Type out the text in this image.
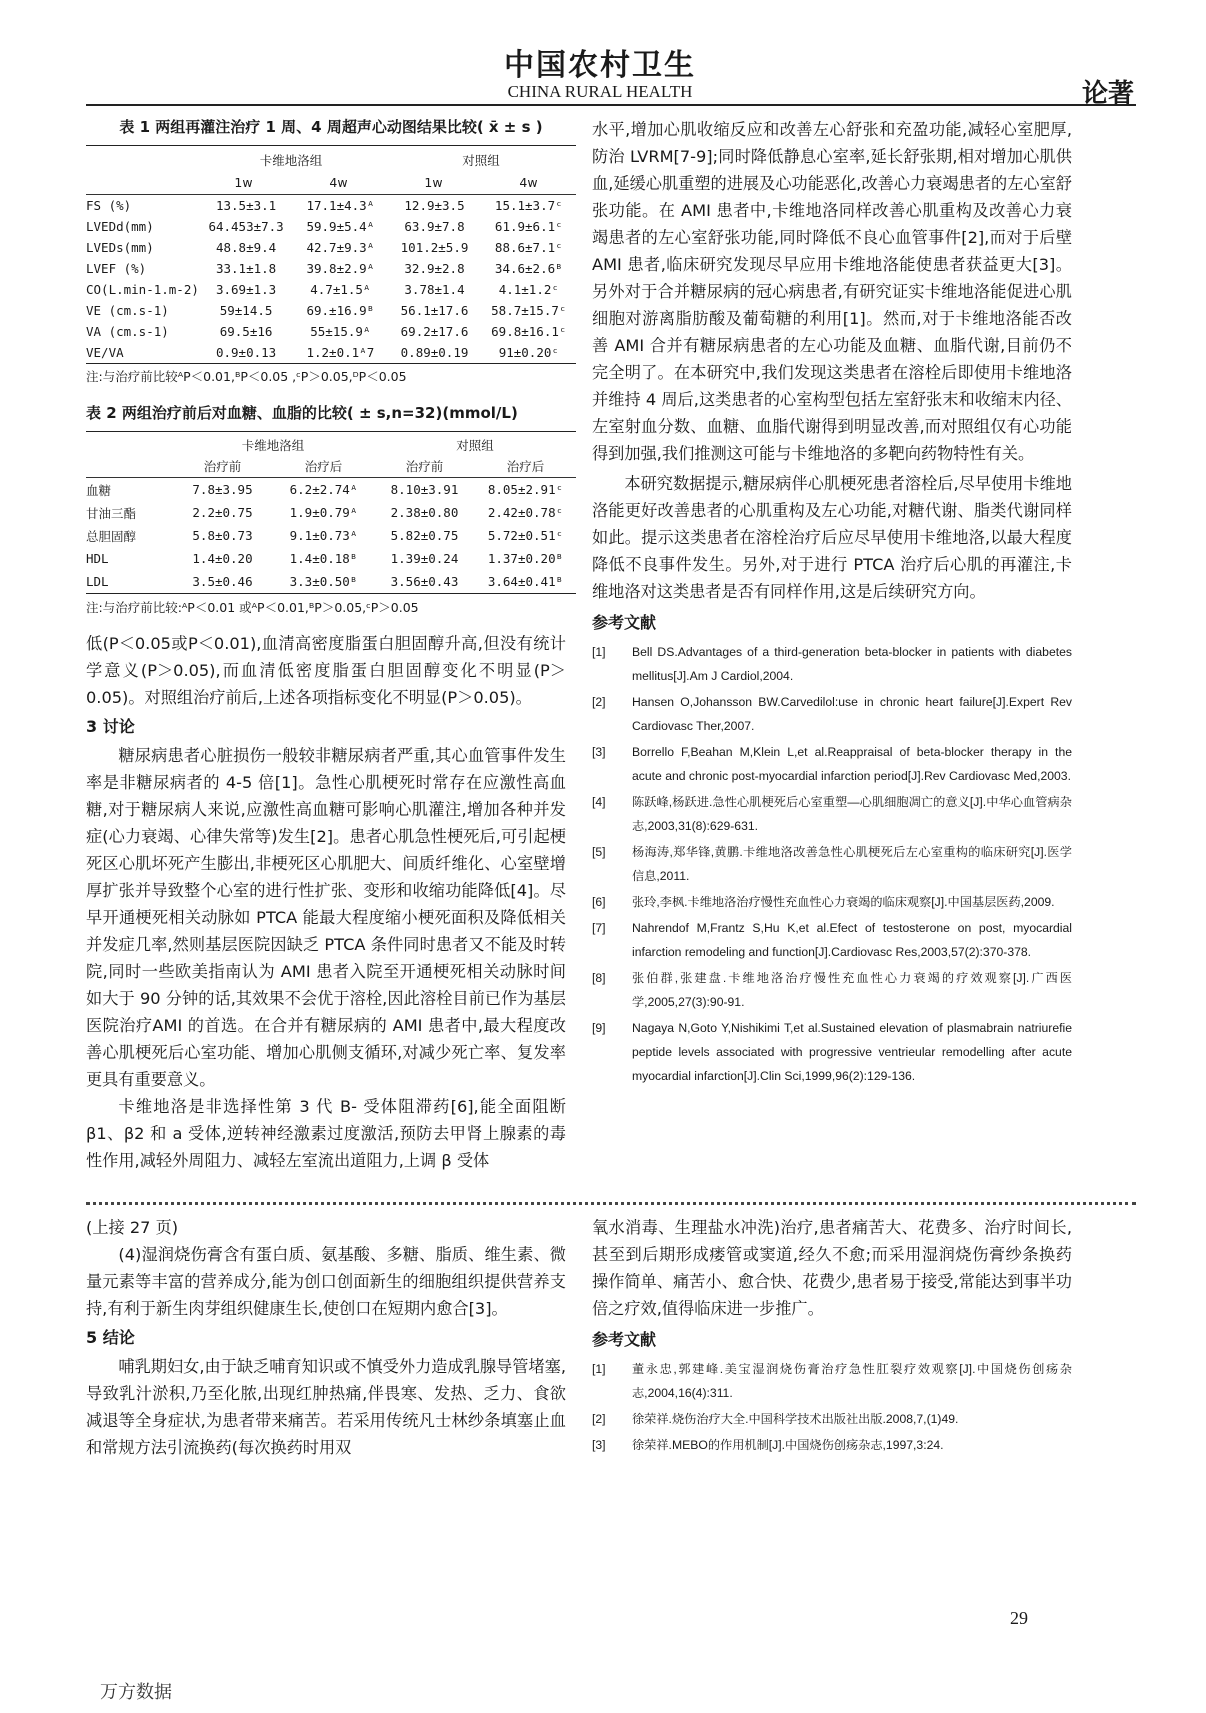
中国农村卫生
CHINA RURAL HEALTH	论著
表 1 两组再灌注治疗 1 周、4 周超声心动图结果比较( x̄ ± s )
	卡维地洛组		对照组	
	1w	4w	1w	4w
FS (%)	13.5±3.1	17.1±4.3ᴬ	12.9±3.5	15.1±3.7ᶜ
LVEDd(mm)	64.453±7.3	59.9±5.4ᴬ	63.9±7.8	61.9±6.1ᶜ
LVEDs(mm)	48.8±9.4	42.7±9.3ᴬ	101.2±5.9	88.6±7.1ᶜ
LVEF (%)	33.1±1.8	39.8±2.9ᴬ	32.9±2.8	34.6±2.6ᴮ
CO(L.min-1.m-2)	3.69±1.3	4.7±1.5ᴬ	3.78±1.4	4.1±1.2ᶜ
VE (cm.s-1)	59±14.5	69.±16.9ᴮ	56.1±17.6	58.7±15.7ᶜ
VA (cm.s-1)	69.5±16	55±15.9ᴬ	69.2±17.6	69.8±16.1ᶜ
VE/VA	0.9±0.13	1.2±0.1ᴬ7	0.89±0.19	91±0.20ᶜ
注:与治疗前比较ᴬP＜0.01,ᴮP＜0.05 ,ᶜP＞0.05,ᴰP＜0.05
表 2 两组治疗前后对血糖、血脂的比较( ± s,n=32)(mmol/L)
	卡维地洛组		对照组	
	治疗前	治疗后	治疗前	治疗后
血糖	7.8±3.95	6.2±2.74ᴬ	8.10±3.91	8.05±2.91ᶜ
甘油三酯	2.2±0.75	1.9±0.79ᴬ	2.38±0.80	2.42±0.78ᶜ
总胆固醇	5.8±0.73	9.1±0.73ᴬ	5.82±0.75	5.72±0.51ᶜ
HDL	1.4±0.20	1.4±0.18ᴮ	1.39±0.24	1.37±0.20ᴮ
LDL	3.5±0.46	3.3±0.50ᴮ	3.56±0.43	3.64±0.41ᴮ
注:与治疗前比较:ᴬP＜0.01 或ᴬP＜0.01,ᴮP＞0.05,ᶜP＞0.05

低(P＜0.05或P＜0.01),血清高密度脂蛋白胆固醇升高,但没有统计学意义(P＞0.05),而血清低密度脂蛋白胆固醇变化不明显(P＞0.05)。对照组治疗前后,上述各项指标变化不明显(P＞0.05)。

3 讨论

糖尿病患者心脏损伤一般较非糖尿病者严重,其心血管事件发生率是非糖尿病者的 4-5 倍[1]。急性心肌梗死时常存在应激性高血糖,对于糖尿病人来说,应激性高血糖可影响心肌灌注,增加各种并发症(心力衰竭、心律失常等)发生[2]。患者心肌急性梗死后,可引起梗死区心肌坏死产生膨出,非梗死区心肌肥大、间质纤维化、心室壁增厚扩张并导致整个心室的进行性扩张、变形和收缩功能降低[4]。尽早开通梗死相关动脉如 PTCA 能最大程度缩小梗死面积及降低相关并发症几率,然则基层医院因缺乏 PTCA 条件同时患者又不能及时转院,同时一些欧美指南认为 AMI 患者入院至开通梗死相关动脉时间如大于 90 分钟的话,其效果不会优于溶栓,因此溶栓目前已作为基层医院治疗AMI 的首选。在合并有糖尿病的 AMI 患者中,最大程度改善心肌梗死后心室功能、增加心肌侧支循环,对减少死亡率、复发率更具有重要意义。

卡维地洛是非选择性第 3 代 B- 受体阻滞药[6],能全面阻断 β1、β2 和 a 受体,逆转神经激素过度激活,预防去甲肾上腺素的毒性作用,减轻外周阻力、减轻左室流出道阻力,上调 β 受体

水平,增加心肌收缩反应和改善左心舒张和充盈功能,减轻心室肥厚,防治 LVRM[7-9];同时降低静息心室率,延长舒张期,相对增加心肌供血,延缓心肌重塑的进展及心功能恶化,改善心力衰竭患者的左心室舒张功能。在 AMI 患者中,卡维地洛同样改善心肌重构及改善心力衰竭患者的左心室舒张功能,同时降低不良心血管事件[2],而对于后壁 AMI 患者,临床研究发现尽早应用卡维地洛能使患者获益更大[3]。另外对于合并糖尿病的冠心病患者,有研究证实卡维地洛能促进心肌细胞对游离脂肪酸及葡萄糖的利用[1]。然而,对于卡维地洛能否改善 AMI 合并有糖尿病患者的左心功能及血糖、血脂代谢,目前仍不完全明了。在本研究中,我们发现这类患者在溶栓后即使用卡维地洛并维持 4 周后,这类患者的心室构型包括左室舒张末和收缩末内径、左室射血分数、血糖、血脂代谢得到明显改善,而对照组仅有心功能得到加强,我们推测这可能与卡维地洛的多靶向药物特性有关。

本研究数据提示,糖尿病伴心肌梗死患者溶栓后,尽早使用卡维地洛能更好改善患者的心肌重构及左心功能,对糖代谢、脂类代谢同样如此。提示这类患者在溶栓治疗后应尽早使用卡维地洛,以最大程度降低不良事件发生。另外,对于进行 PTCA 治疗后心肌的再灌注,卡维地洛对这类患者是否有同样作用,这是后续研究方向。

参考文献
[1] Bell DS.Advantages of a third-generation beta-blocker in patients with diabetes mellitus[J].Am J Cardiol,2004.
[2] Hansen O,Johansson BW.Carvedilol:use in chronic heart failure[J].Expert Rev Cardiovasc Ther,2007.
[3] Borrello F,Beahan M,Klein L,et al.Reappraisal of beta-blocker therapy in the acute and chronic post-myocardial infarction period[J].Rev Cardiovasc Med,2003.
[4] 陈跃峰,杨跃进.急性心肌梗死后心室重塑—心肌细胞凋亡的意义[J].中华心血管病杂志,2003,31(8):629-631.
[5] 杨海涛,郑华锋,黄鹏.卡维地洛改善急性心肌梗死后左心室重构的临床研究[J].医学信息,2011.
[6] 张玲,李枫.卡维地洛治疗慢性充血性心力衰竭的临床观察[J].中国基层医药,2009.
[7] Nahrendof M,Frantz S,Hu K,et al.Efect of testosterone on post, myocardial infarction remodeling and function[J].Cardiovasc Res,2003,57(2):370-378.
[8] 张伯群,张建盘.卡维地洛治疗慢性充血性心力衰竭的疗效观察[J].广西医学,2005,27(3):90-91.
[9] Nagaya N,Goto Y,Nishikimi T,et al.Sustained elevation of plasmabrain natriurefie peptide levels associated with progressive ventrieular remodelling after acute myocardial infarction[J].Clin Sci,1999,96(2):129-136.

(上接 27 页)

(4)湿润烧伤膏含有蛋白质、氨基酸、多糖、脂质、维生素、微量元素等丰富的营养成分,能为创口创面新生的细胞组织提供营养支持,有利于新生肉芽组织健康生长,使创口在短期内愈合[3]。

5 结论

哺乳期妇女,由于缺乏哺育知识或不慎受外力造成乳腺导管堵塞,导致乳汁淤积,乃至化脓,出现红肿热痛,伴畏寒、发热、乏力、食欲减退等全身症状,为患者带来痛苦。若采用传统凡士林纱条填塞止血和常规方法引流换药(每次换药时用双

氧水消毒、生理盐水冲洗)治疗,患者痛苦大、花费多、治疗时间长,甚至到后期形成瘘管或窦道,经久不愈;而采用湿润烧伤膏纱条换药操作简单、痛苦小、愈合快、花费少,患者易于接受,常能达到事半功倍之疗效,值得临床进一步推广。

参考文献
[1] 董永忠,郭建峰.美宝湿润烧伤膏治疗急性肛裂疗效观察[J].中国烧伤创疡杂志,2004,16(4):311.
[2] 徐荣祥.烧伤治疗大全.中国科学技术出版社出版.2008,7,(1)49.
[3] 徐荣祥.MEBO的作用机制[J].中国烧伤创疡杂志,1997,3:24.
29
万方数据
